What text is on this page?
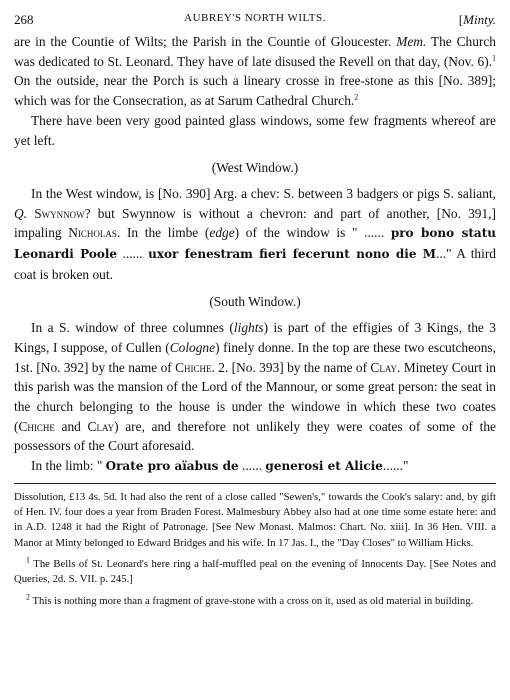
268	AUBREY'S NORTH WILTS.	[Minty.

are in the Countie of Wilts; the Parish in the Countie of Gloucester. Mem. The Church was dedicated to St. Leonard. They have of late disused the Revell on that day, (Nov. 6).$^1$ On the outside, near the Porch is such a lineary crosse in free-stone as this [No. 389]; which was for the Consecration, as at Sarum Cathedral Church.$^2$

There have been very good painted glass windows, some few fragments whereof are yet left.

(West Window.)

In the West window, is [No. 390] Arg. a chev: S. between 3 badgers or pigs S. saliant, Q. Swynnow? but Swynnow is without a chevron: and part of another, [No. 391,] impaling Nicholas. In the limbe (edge) of the window is " ...... pro bono statu Leonardi Poole ...... uxor fenestram fieri fecerunt nono die M..." A third coat is broken out.

(South Window.)

In a S. window of three columnes (lights) is part of the effigies of 3 Kings, the 3 Kings, I suppose, of Cullen (Cologne) finely donne. In the top are these two escutcheons, 1st. [No. 392] by the name of Chiche. 2. [No. 393] by the name of Clay. Minetey Court in this parish was the mansion of the Lord of the Mannour, or some great person: the seat in the church belonging to the house is under the windowe in which these two coates (Chiche and Clay) are, and therefore not unlikely they were coates of some of the possessors of the Court aforesaid.

In the limb: " Orate pro aïabus de ...... generosi et Alicie......"

Dissolution, £13 4s. 5d. It had also the rent of a close called "Sewen's," towards the Cook's salary: and, by gift of Hen. IV. four does a year from Braden Forest. Malmesbury Abbey also had at one time some estate here: and in A.D. 1248 it had the Right of Patronage. [See New Monast. Malmos: Chart. No. xiii]. In 36 Hen. VIII. a Manor at Minty belonged to Edward Bridges and his wife. In 17 Jas. I., the "Day Closes" to William Hicks.

$^1$ The Bells of St. Leonard's here ring a half-muffled peal on the evening of Innocents Day. [See Notes and Queries, 2d. S. VII. p. 245.]

$^2$ This is nothing more than a fragment of grave-stone with a cross on it, used as old material in building.
